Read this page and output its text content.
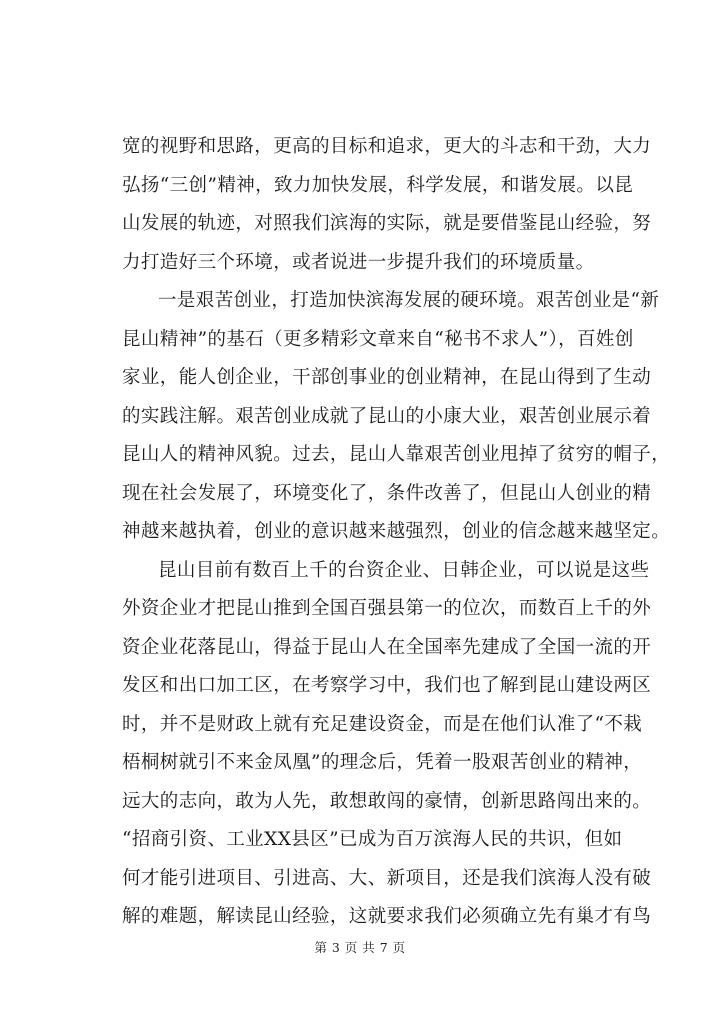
宽的视野和思路，更高的目标和追求，更大的斗志和干劲，大力
弘扬“三创”精神，致力加快发展，科学发展，和谐发展。以昆
山发展的轨迹，对照我们滨海的实际，就是要借鉴昆山经验，努
力打造好三个环境，或者说进一步提升我们的环境质量。
一是艰苦创业，打造加快滨海发展的硬环境。艰苦创业是“新
昆山精神”的基石（更多精彩文章来自“秘书不求人”），百姓创
家业，能人创企业，干部创事业的创业精神，在昆山得到了生动
的实践注解。艰苦创业成就了昆山的小康大业，艰苦创业展示着
昆山人的精神风貌。过去，昆山人靠艰苦创业甩掉了贫穷的帽子，
现在社会发展了，环境变化了，条件改善了，但昆山人创业的精
神越来越执着，创业的意识越来越强烈，创业的信念越来越坚定。
昆山目前有数百上千的台资企业、日韩企业，可以说是这些
外资企业才把昆山推到全国百强县第一的位次，而数百上千的外
资企业花落昆山，得益于昆山人在全国率先建成了全国一流的开
发区和出口加工区，在考察学习中，我们也了解到昆山建设两区
时，并不是财政上就有充足建设资金，而是在他们认准了“不栽
梧桐树就引不来金凤凰”的理念后，凭着一股艰苦创业的精神，
远大的志向，敢为人先，敢想敢闯的豪情，创新思路闯出来的。
“招商引资、工业XX县区”已成为百万滨海人民的共识，但如
何才能引进项目、引进高、大、新项目，还是我们滨海人没有破
解的难题，解读昆山经验，这就要求我们必须确立先有巢才有鸟
第 3 页 共 7 页
